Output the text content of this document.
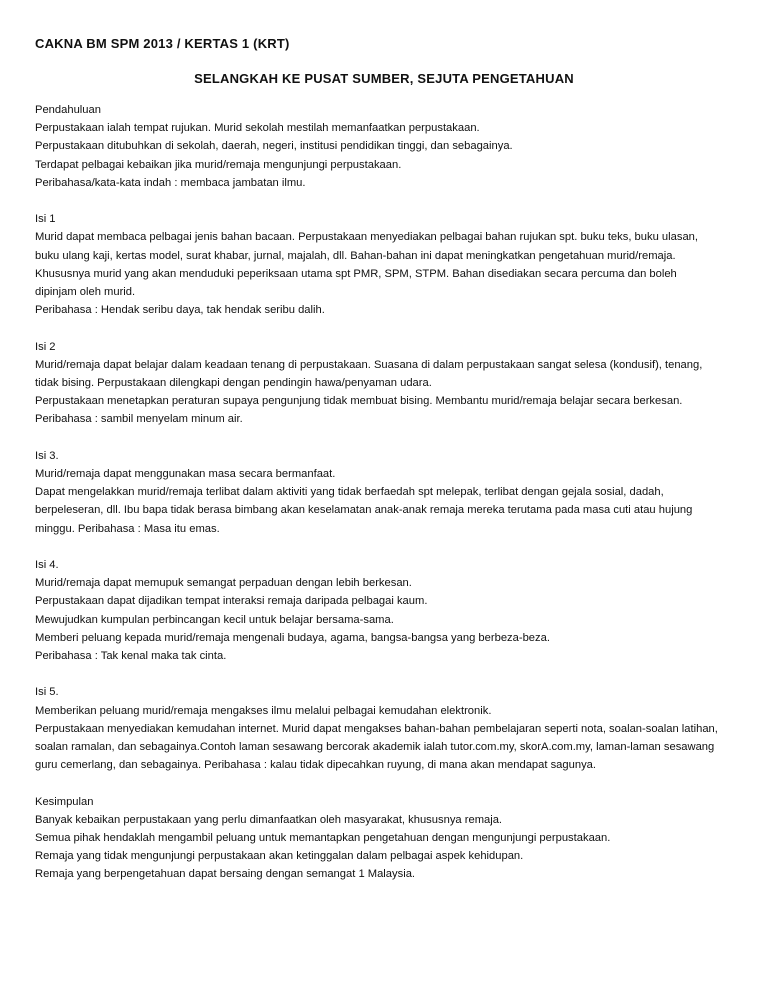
CAKNA BM SPM 2013 / KERTAS 1 (KRT)
SELANGKAH KE PUSAT SUMBER, SEJUTA PENGETAHUAN
Pendahuluan
Perpustakaan ialah tempat rujukan. Murid sekolah mestilah memanfaatkan perpustakaan.
Perpustakaan ditubuhkan di sekolah, daerah, negeri, institusi pendidikan tinggi, dan sebagainya.
Terdapat pelbagai kebaikan jika murid/remaja mengunjungi perpustakaan.
Peribahasa/kata-kata indah : membaca jambatan ilmu.
Isi 1
Murid dapat membaca pelbagai jenis bahan bacaan. Perpustakaan menyediakan pelbagai bahan rujukan spt. buku teks, buku ulasan,
buku ulang kaji, kertas model, surat khabar, jurnal, majalah, dll. Bahan-bahan ini dapat meningkatkan pengetahuan murid/remaja.
Khususnya murid yang akan menduduki peperiksaan utama spt PMR, SPM, STPM. Bahan disediakan secara percuma dan boleh
dipinjam oleh murid.
Peribahasa : Hendak seribu daya, tak hendak seribu dalih.
Isi 2
Murid/remaja dapat belajar dalam keadaan tenang di perpustakaan. Suasana di dalam perpustakaan sangat selesa (kondusif), tenang,
tidak bising. Perpustakaan dilengkapi dengan pendingin hawa/penyaman udara.
Perpustakaan menetapkan peraturan supaya pengunjung tidak membuat bising. Membantu murid/remaja belajar secara berkesan.
Peribahasa : sambil menyelam minum air.
Isi 3.
Murid/remaja dapat menggunakan masa secara bermanfaat.
Dapat mengelakkan murid/remaja terlibat dalam aktiviti yang tidak berfaedah spt melepak, terlibat dengan gejala sosial, dadah,
berpeleseran, dll. Ibu bapa tidak berasa bimbang akan keselamatan anak-anak remaja mereka terutama pada masa cuti atau hujung
minggu. Peribahasa : Masa itu emas.
Isi 4.
Murid/remaja dapat memupuk semangat perpaduan dengan lebih berkesan.
Perpustakaan dapat dijadikan tempat interaksi remaja daripada pelbagai kaum.
Mewujudkan kumpulan perbincangan kecil untuk belajar bersama-sama.
Memberi peluang kepada murid/remaja mengenali budaya, agama, bangsa-bangsa yang berbeza-beza.
Peribahasa : Tak kenal maka tak cinta.
Isi 5.
Memberikan peluang murid/remaja mengakses ilmu melalui pelbagai kemudahan elektronik.
Perpustakaan menyediakan kemudahan internet. Murid dapat mengakses bahan-bahan pembelajaran seperti nota, soalan-soalan latihan,
soalan ramalan, dan sebagainya.Contoh laman sesawang bercorak akademik ialah tutor.com.my, skorA.com.my, laman-laman sesawang
guru cemerlang, dan sebagainya. Peribahasa : kalau tidak dipecahkan ruyung, di mana akan mendapat sagunya.
Kesimpulan
Banyak kebaikan perpustakaan yang perlu dimanfaatkan oleh masyarakat, khususnya remaja.
Semua pihak hendaklah mengambil peluang untuk memantapkan pengetahuan dengan mengunjungi perpustakaan.
Remaja yang tidak mengunjungi perpustakaan akan ketinggalan dalam pelbagai aspek kehidupan.
Remaja yang berpengetahuan dapat bersaing dengan semangat 1 Malaysia.
